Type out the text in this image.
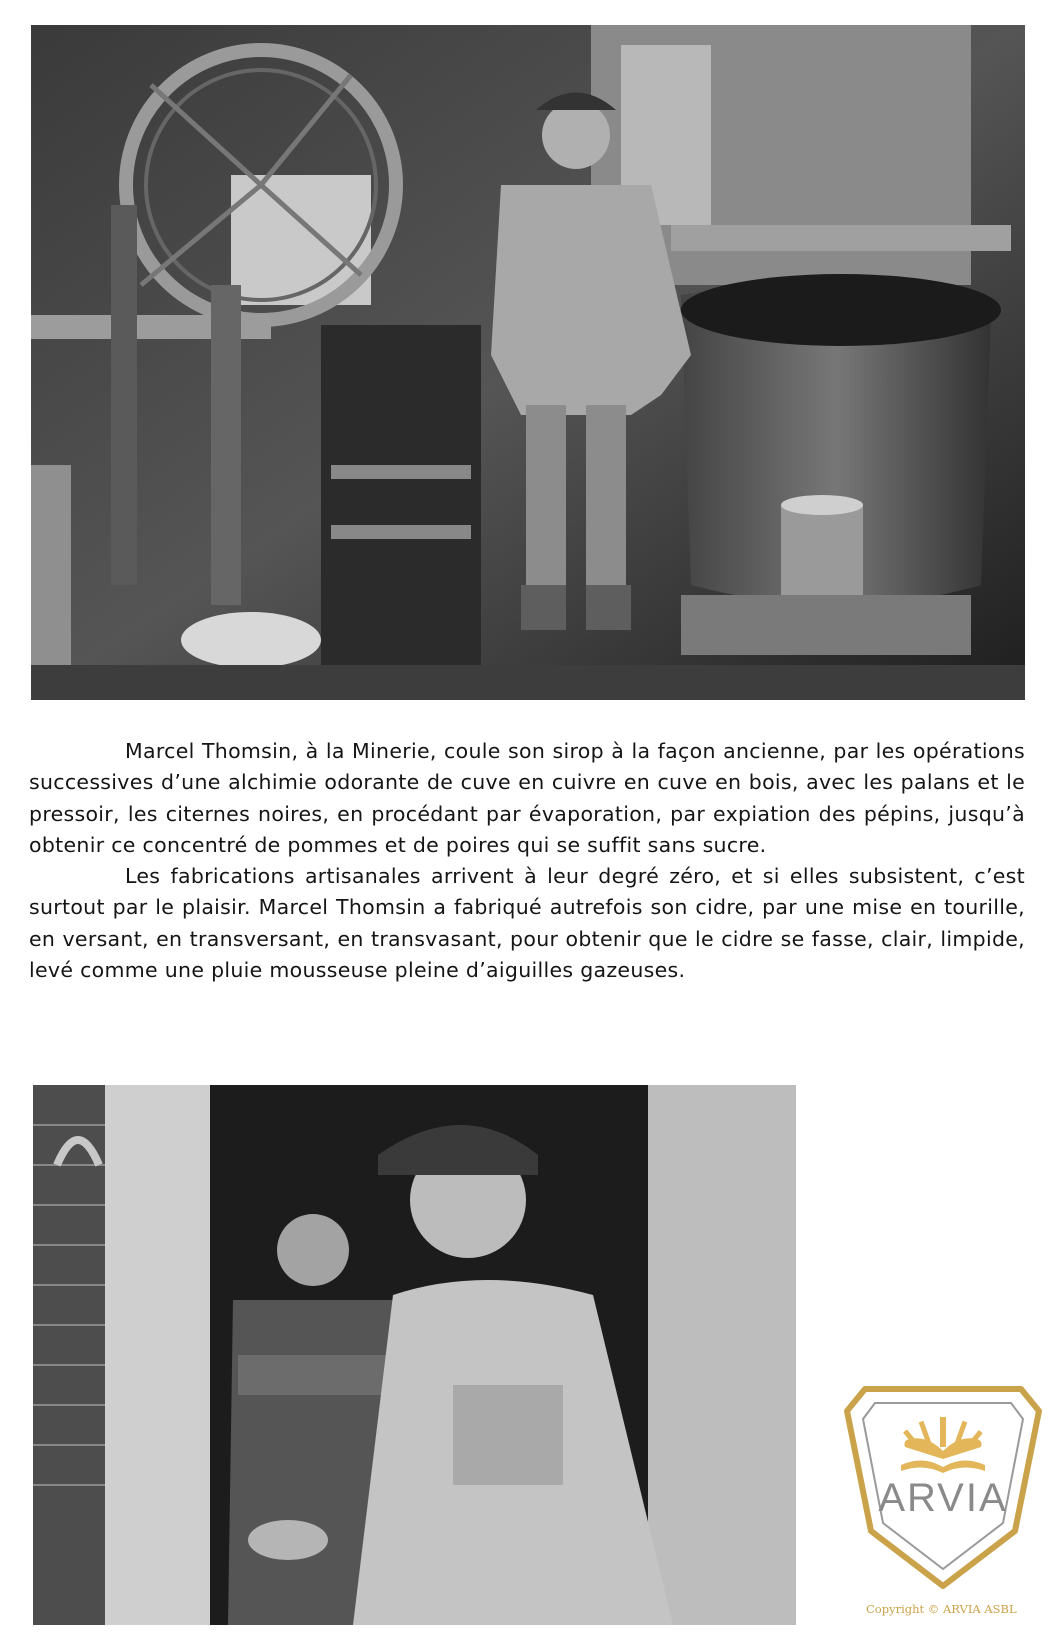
Marcel Thomsin, à la Minerie, coule son sirop à la façon ancienne, par les opérations successives d’une alchimie odorante de cuve en cuivre en cuve en bois, avec les palans et le pressoir, les citernes noires, en procédant par évaporation, par expiation des pépins, jusqu’à obtenir ce concentré de pommes et de poires qui se suffit sans sucre.

Les fabrications artisanales arrivent à leur degré zéro, et si elles subsistent, c’est surtout par le plaisir. Marcel Thomsin a fabriqué autrefois son cidre, par une mise en tourille, en versant, en transversant, en transvasant, pour obtenir que le cidre se fasse, clair, limpide, levé comme une pluie mousseuse pleine d’aiguilles gazeuses.

ARVIA
Copyright © ARVIA ASBL
